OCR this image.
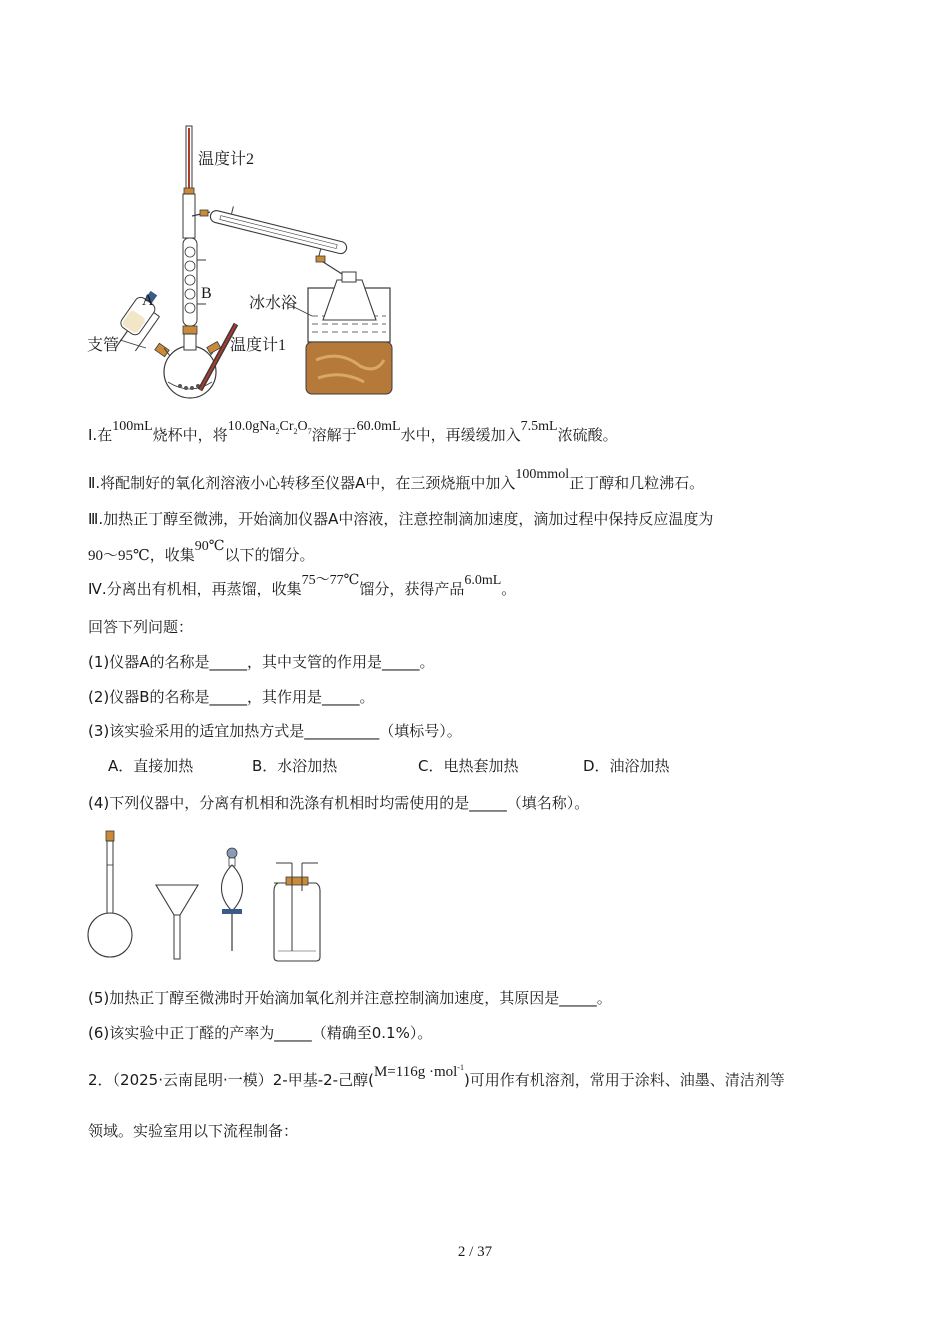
温度计2
A	B
冰水浴
支管	温度计1
Ⅰ.在100mL烧杯中，将$10.0gNa_2Cr_2O_7$溶解于60.0mL水中，再缓缓加入7.5mL浓硫酸。
Ⅱ.将配制好的氧化剂溶液小心转移至仪器A中，在三颈烧瓶中加入100mmol正丁醇和几粒沸石。
Ⅲ.加热正丁醇至微沸，开始滴加仪器A中溶液，注意控制滴加速度，滴加过程中保持反应温度为
90～95℃，收集90℃以下的馏分。
Ⅳ.分离出有机相，再蒸馏，收集75～77℃馏分，获得产品6.0mL。
回答下列问题：
(1)仪器A的名称是_____，其中支管的作用是_____。
(2)仪器B的名称是_____，其作用是_____。
(3)该实验采用的适宜加热方式是__________（填标号）。
A．直接加热	B．水浴加热	C．电热套加热	D．油浴加热
(4)下列仪器中，分离有机相和洗涤有机相时均需使用的是_____（填名称）。
(5)加热正丁醇至微沸时开始滴加氧化剂并注意控制滴加速度，其原因是_____。
(6)该实验中正丁醛的产率为_____（精确至0.1%）。
2．（2025·云南昆明·一模）2-甲基-2-己醇(M=116g ·mol$^{-1}$)可用作有机溶剂，常用于涂料、油墨、清洁剂等
领域。实验室用以下流程制备：
2 / 37
